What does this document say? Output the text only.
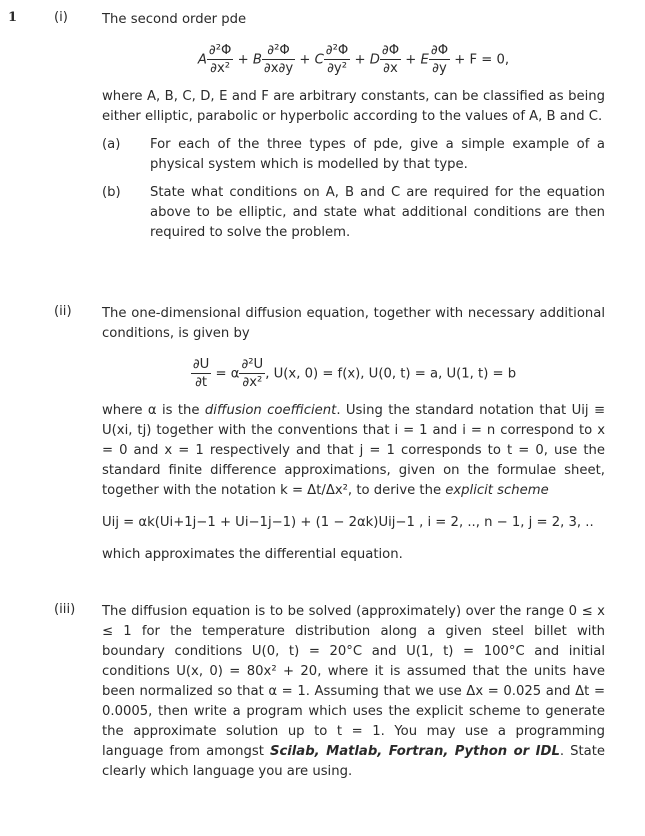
1	(i)	The second order pde

A $\frac{\text{∂²Φ}}{\text{∂x²}} + B \frac{\text{∂²Φ}}{\partial x\partial y} + C \frac{\text{∂²Φ}}{\text{∂y²}} + D \frac{\partial\Phi}{\partial x} + E \frac{\partial\Phi}{\partial y} + F = 0$,

where A, B, C, D, E and F are arbitrary constants, can be classified as being either elliptic, parabolic or hyperbolic according to the values of A, B and C.

(a)	For each of the three types of pde, give a simple example of a physical system which is modelled by that type.
(b)	State what conditions on A, B and C are required for the equation above to be elliptic, and state what additional conditions are then required to solve the problem.
(ii) The one-dimensional diffusion equation, together with necessary additional conditions, is given by

$\frac{\partial U}{\partial t} = \alpha \frac{\text{∂²U}}{\text{∂x²}}$ , U(x, 0) = f(x), U(0, t) = a, U(1, t) = b

where α is the diffusion coefficient. Using the standard notation that Uij ≡ U(xi, tj) together with the conventions that i = 1 and i = n correspond to x = 0 and x = 1 respectively and that j = 1 corresponds to t = 0, use the standard finite difference approximations, given on the formulae sheet, together with the notation k = Δt/Δx², to derive the explicit scheme

Uij = αk(Ui+1j−1 + Ui−1j−1) + (1 − 2αk)Uij−1 , i = 2, .., n − 1, j = 2, 3, ..

which approximates the differential equation.

(iii) The diffusion equation is to be solved (approximately) over the range 0 ≤ x ≤ 1 for the temperature distribution along a given steel billet with boundary conditions U(0, t) = 20°C and U(1, t) = 100°C and initial conditions U(x, 0) = 80x² + 20, where it is assumed that the units have been normalized so that α = 1. Assuming that we use Δx = 0.025 and Δt = 0.0005, then write a program which uses the explicit scheme to generate the approximate solution up to t = 1. You may use a programming language from amongst Scilab, Matlab, Fortran, Python or IDL. State clearly which language you are using.
